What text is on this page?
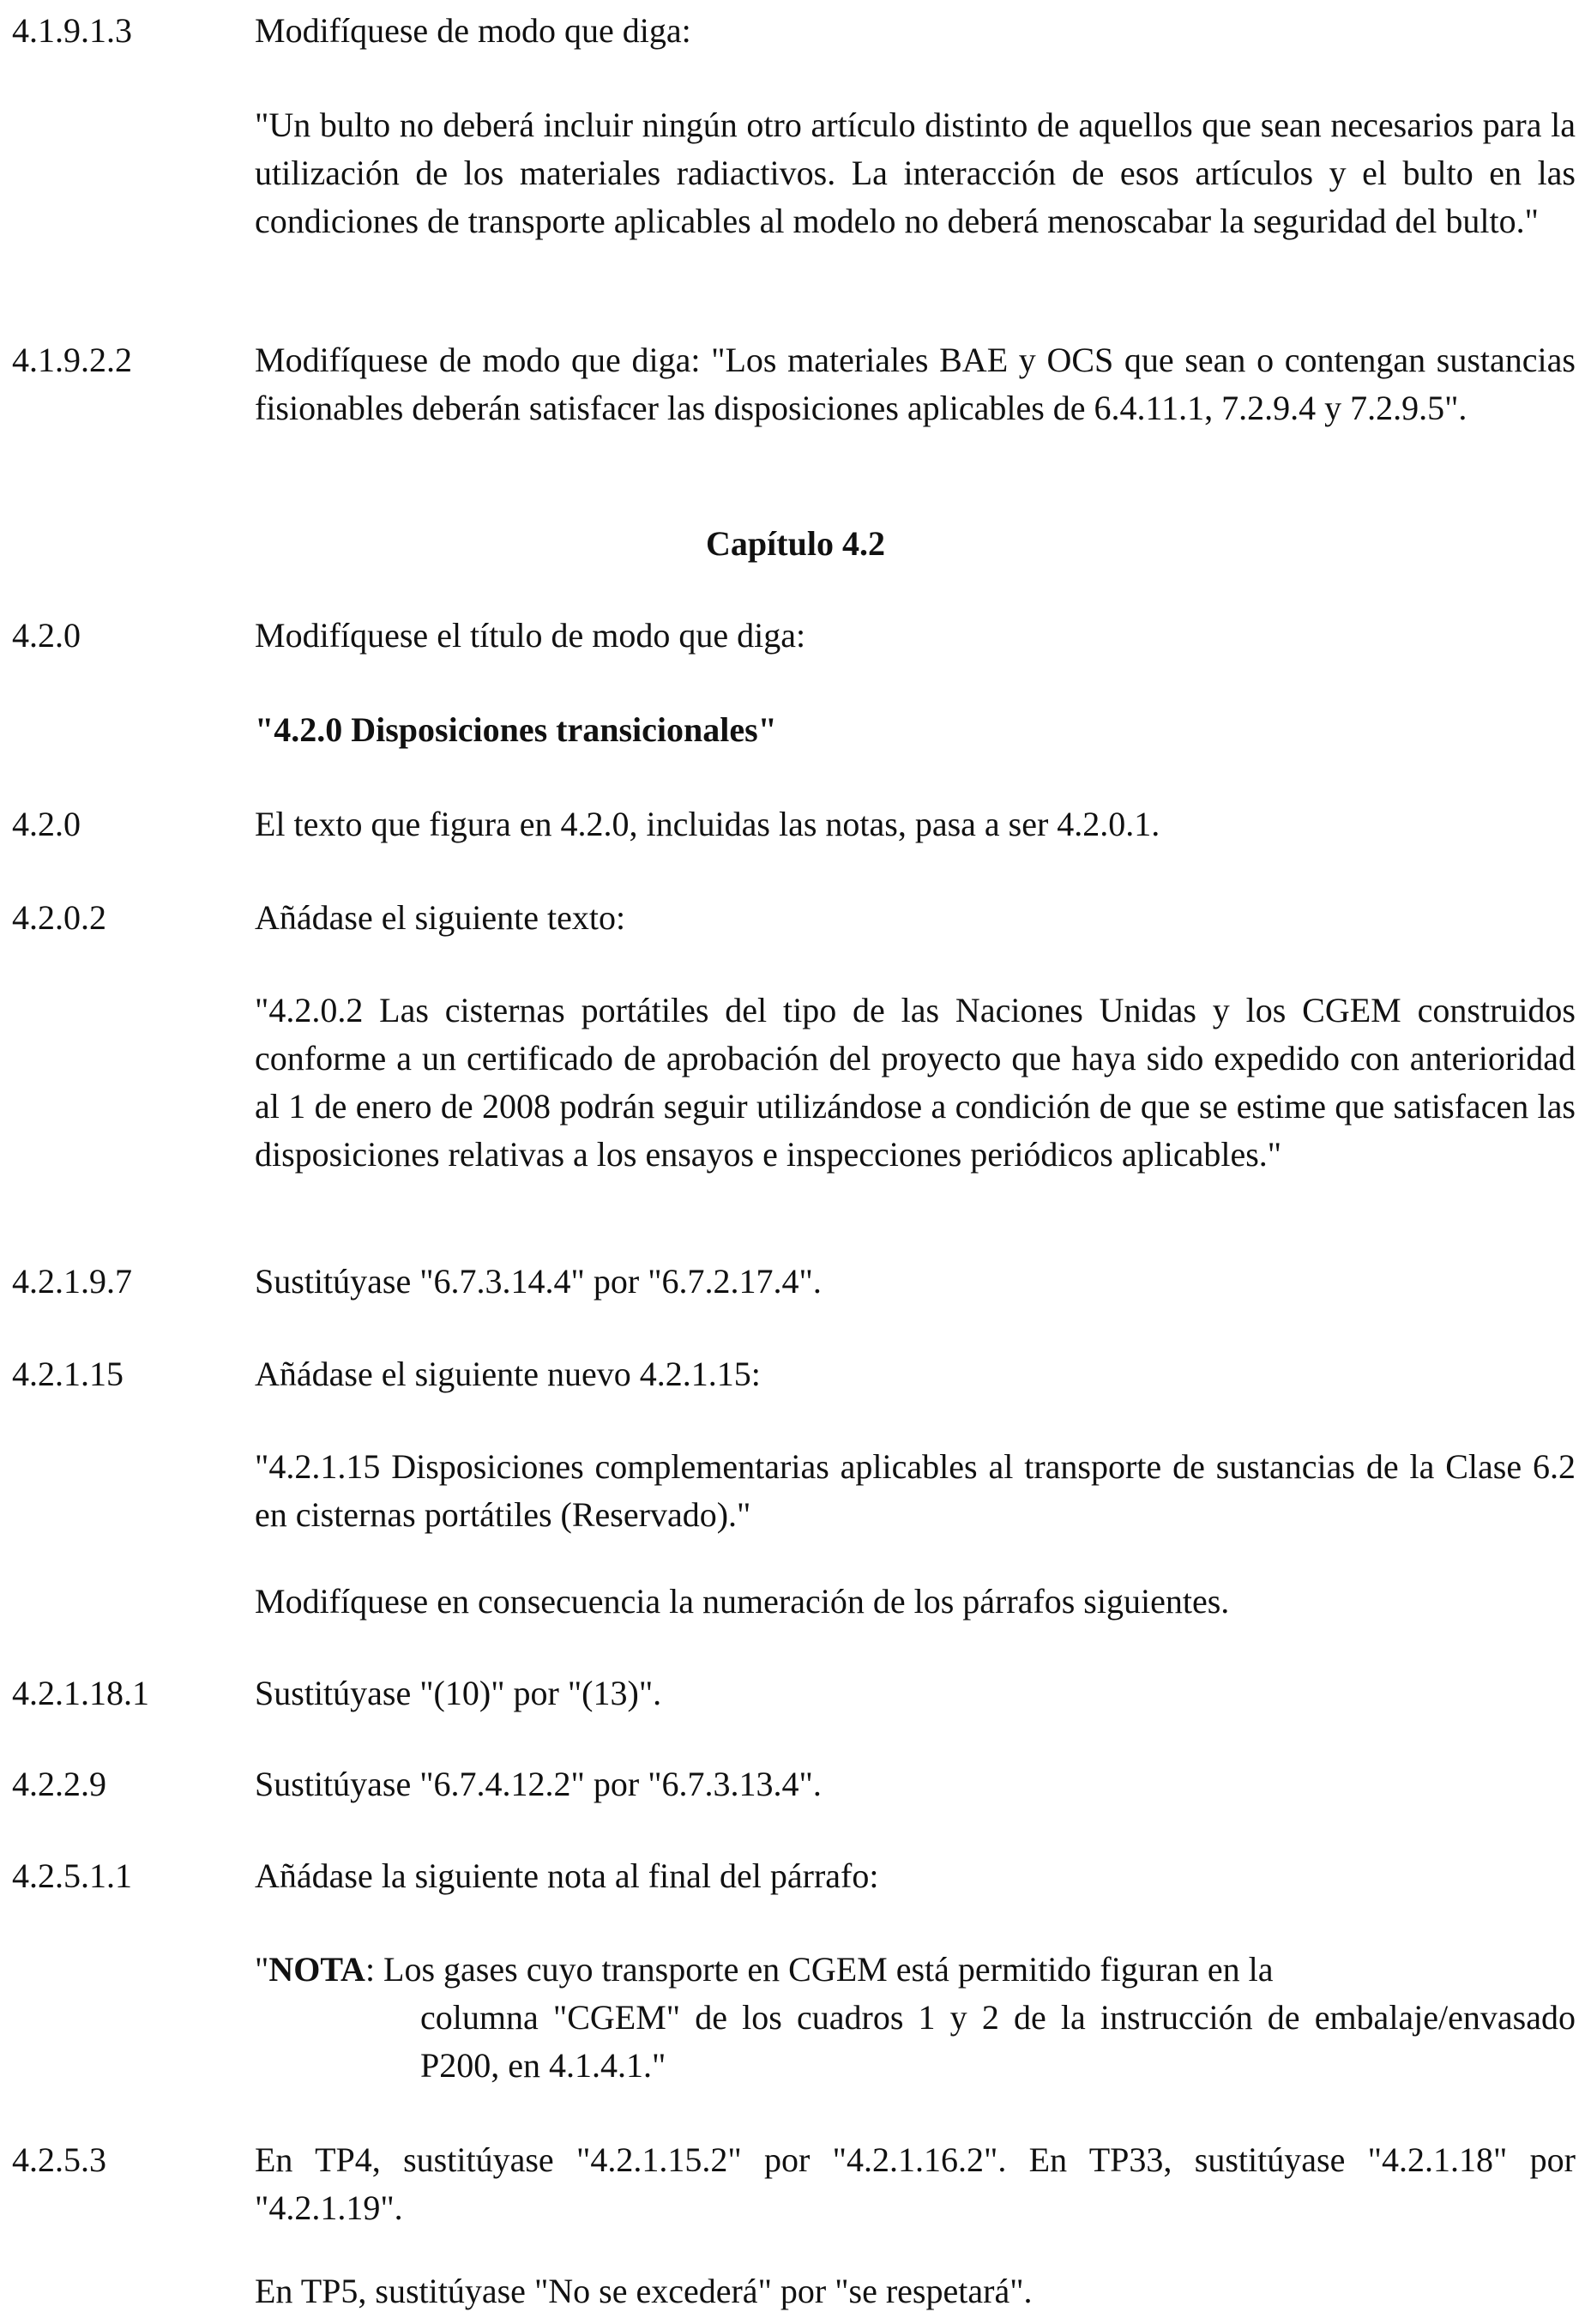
4.1.9.1.3	Modifíquese de modo que diga:
"Un bulto no deberá incluir ningún otro artículo distinto de aquellos que sean necesarios para la utilización de los materiales radiactivos. La interacción de esos artículos y el bulto en las condiciones de transporte aplicables al modelo no deberá menoscabar la seguridad del bulto."
4.1.9.2.2	Modifíquese de modo que diga: "Los materiales BAE y OCS que sean o contengan sustancias fisionables deberán satisfacer las disposiciones aplicables de 6.4.11.1, 7.2.9.4 y 7.2.9.5".
Capítulo 4.2
4.2.0	Modifíquese el título de modo que diga:
"4.2.0 Disposiciones transicionales"
4.2.0	El texto que figura en 4.2.0, incluidas las notas, pasa a ser 4.2.0.1.
4.2.0.2	Añádase el siguiente texto:
"4.2.0.2 Las cisternas portátiles del tipo de las Naciones Unidas y los CGEM construidos conforme a un certificado de aprobación del proyecto que haya sido expedido con anterioridad al 1 de enero de 2008 podrán seguir utilizándose a condición de que se estime que satisfacen las disposiciones relativas a los ensayos e inspecciones periódicos aplicables."
4.2.1.9.7	Sustitúyase "6.7.3.14.4" por "6.7.2.17.4".
4.2.1.15	Añádase el siguiente nuevo 4.2.1.15:
"4.2.1.15 Disposiciones complementarias aplicables al transporte de sustancias de la Clase 6.2 en cisternas portátiles (Reservado)."
Modifíquese en consecuencia la numeración de los párrafos siguientes.
4.2.1.18.1	Sustitúyase "(10)" por "(13)".
4.2.2.9	Sustitúyase "6.7.4.12.2" por "6.7.3.13.4".
4.2.5.1.1	Añádase la siguiente nota al final del párrafo:
"NOTA: Los gases cuyo transporte en CGEM está permitido figuran en la
columna "CGEM" de los cuadros 1 y 2 de la instrucción de embalaje/envasado P200, en 4.1.4.1."
4.2.5.3	En TP4, sustitúyase "4.2.1.15.2" por "4.2.1.16.2". En TP33, sustitúyase "4.2.1.18" por "4.2.1.19".
En TP5, sustitúyase "No se excederá" por "se respetará".
